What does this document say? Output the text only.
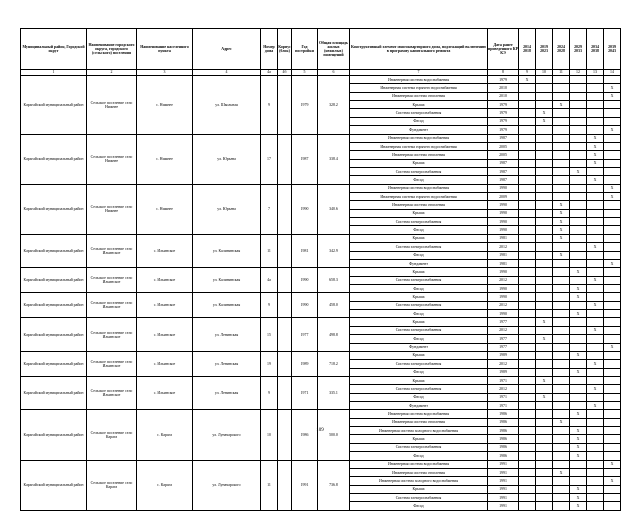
Муниципальный район, Городской округ	Наименование городского округа, городского (сельского) поселения	Наименование населенного пункта	Адрес	Номер дома	Корпус (блок)	Год постройки	Общая площадь жилых (нежилых) помещений	Конструктивный элемент многоквартирного дома, подлежащий включению в программу капитального ремонта	Дата ранее проведенного КР КЭ	2014 2018	2019 2023	2024 2028	2029 2033	2034 2038	2039 2043
1	2	3	4	4а	4б	5	6	7	8	9	10	11	12	13	14
Карагайский муниципальный район	Сельское поселение село Нижнее	с. Нижнее	ул. Школьная	9		1979	328.2	Инженерная система водоснабжения	1979	X					
								Инженерная система горячего водоснабжения	2010						X
								Инженерная система отопления	2010						X
								Крыша	1979			X			
								Система электроснабжения	1979		X				
								Фасад	1979		X				
								Фундамент	1979						X
Карагайский муниципальный район	Сельское поселение село Нижнее	с. Нижнее	ул. Юрьева	17		1987	338.4	Инженерная система водоснабжения	1987					X	
								Инженерная система горячего водоснабжения	2005					X	
								Инженерная система отопления	2005					X	
								Крыша	1987					X	
								Система электроснабжения	1987				X		
								Фасад	1987					X	
Карагайский муниципальный район	Сельское поселение село Нижнее	с. Нижнее	ул. Юрьева	7		1990	340.6	Инженерная система водоснабжения	1990						X
								Инженерная система горячего водоснабжения	2009						X
								Инженерная система отопления	1990			X			
								Крыша	1990			X			
								Система электроснабжения	1990			X			
								Фасад	1990			X			
Карагайский муниципальный район	Сельское поселение село Ильинское	с. Ильинское	ул. Калининская	11		1981	342.9	Крыша	1981			X			
								Система электроснабжения	2012					X	
								Фасад	1981			X			
								Фундамент	1981						X
Карагайский муниципальный район	Сельское поселение село Ильинское	с. Ильинское	ул. Калининская	4а		1990	658.3	Крыша	1990				X		
								Система электроснабжения	2012					X	
								Фасад	1990				X		
Карагайский муниципальный район	Сельское поселение село Ильинское	с. Ильинское	ул. Калининская	9		1990	458.0	Крыша	1990				X		
								Система электроснабжения	2012					X	
								Фасад	1990				X		
Карагайский муниципальный район	Сельское поселение село Ильинское	с. Ильинское	ул. Ленинская	15		1977	498.8	Крыша	1977		X				
								Система электроснабжения	2012					X	
								Фасад	1977		X				
								Фундамент	1977						X
Карагайский муниципальный район	Сельское поселение село Ильинское	с. Ильинское	ул. Ленинская	19		1989	718.2	Крыша	1989				X		
								Система электроснабжения	2012					X	
								Фасад	1989				X		
Карагайский муниципальный район	Сельское поселение село Ильинское	с. Ильинское	ул. Ленинская	9		1971	335.1	Крыша	1971		X				
								Система электроснабжения	2012					X	
								Фасад	1971		X				
								Фундамент	1971					X	
Карагайский муниципальный район	Сельское поселение село Карага	с. Карага	ул. Луначарского	10		1986	500.0	Инженерная система водоснабжения	1986				X		
								Инженерная система отопления	1986			X			
								Инженерная система холодного водоснабжения	1986				X		
								Крыша	1986				X		
								Система электроснабжения	1986				X		
								Фасад	1986				X		
Карагайский муниципальный район	Сельское поселение село Карага	с. Карага	ул. Луначарского	11		1991	736.8	Инженерная система водоснабжения	1991						X
								Инженерная система отопления	1991			X			
								Инженерная система холодного водоснабжения	1991						X
								Крыша	1991				X		
								Система электроснабжения	1991				X		
								Фасад	1991				X		
109
